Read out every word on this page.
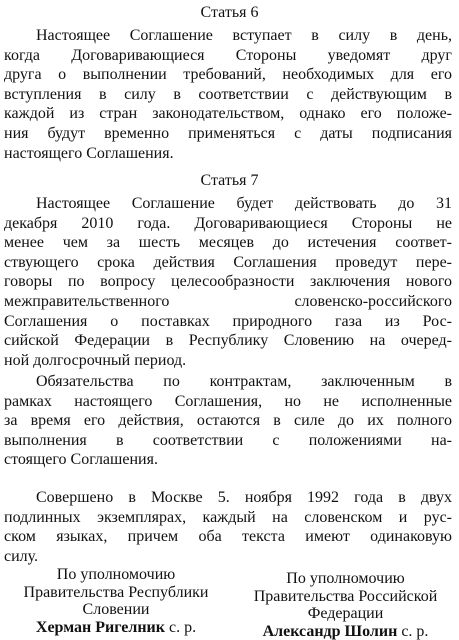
Статья 6
Настоящее Соглашение вступает в силу в день,
когда Договаривающиеся Стороны уведомят друг
друга о выполнении требований, необходимых для его
вступления в силу в соответствии с действующим в
каждой из стран законодательством, однако его положе-
ния будут временно применяться с даты подписания
настоящего Соглашения.
Статья 7
Настоящее Соглашение будет действовать до 31
декабря 2010 года. Договаривающиеся Стороны не
менее чем за шесть месяцев до истечения соответ-
ствующего срока действия Соглашения проведут пере-
говоры по вопросу целесообразности заключения нового
межправительственного словенско-российского
Соглашения о поставках природного газа из Рос-
сийской Федерации в Республику Словению на очеред-
ной долгосрочный период.
Обязательства по контрактам, заключенным в
рамках настоящего Соглашения, но не исполненные
за время его действия, остаются в силе до их полного
выполнения в соответствии с положениями на-
стоящего Соглашения.
Совершено в Москве 5. ноября 1992 года в двух
подлинных экземплярах, каждый на словенском и рус-
ском языках, причем оба текста имеют одинаковую
силу.
По уполномочию
Правительства Республики
Словении
Херман Ригелник с. р.
По уполномочию
Правительства Российской
Федерации
Александр Шолин с. р.
